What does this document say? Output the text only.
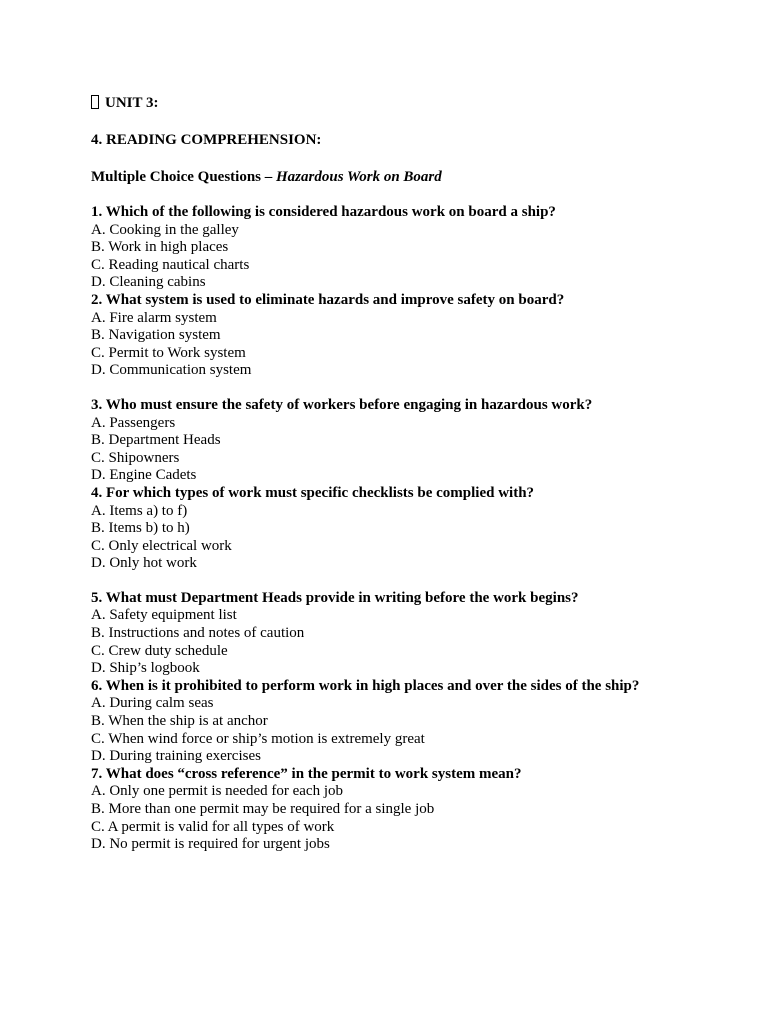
UNIT 3:
4. READING COMPREHENSION:
Multiple Choice Questions – Hazardous Work on Board
1. Which of the following is considered hazardous work on board a ship?
A. Cooking in the galley
B. Work in high places
C. Reading nautical charts
D. Cleaning cabins
2. What system is used to eliminate hazards and improve safety on board?
A. Fire alarm system
B. Navigation system
C. Permit to Work system
D. Communication system
3. Who must ensure the safety of workers before engaging in hazardous work?
A. Passengers
B. Department Heads
C. Shipowners
D. Engine Cadets
4. For which types of work must specific checklists be complied with?
A. Items a) to f)
B. Items b) to h)
C. Only electrical work
D. Only hot work
5. What must Department Heads provide in writing before the work begins?
A. Safety equipment list
B. Instructions and notes of caution
C. Crew duty schedule
D. Ship’s logbook
6. When is it prohibited to perform work in high places and over the sides of the ship?
A. During calm seas
B. When the ship is at anchor
C. When wind force or ship’s motion is extremely great
D. During training exercises
7. What does “cross reference” in the permit to work system mean?
A. Only one permit is needed for each job
B. More than one permit may be required for a single job
C. A permit is valid for all types of work
D. No permit is required for urgent jobs
